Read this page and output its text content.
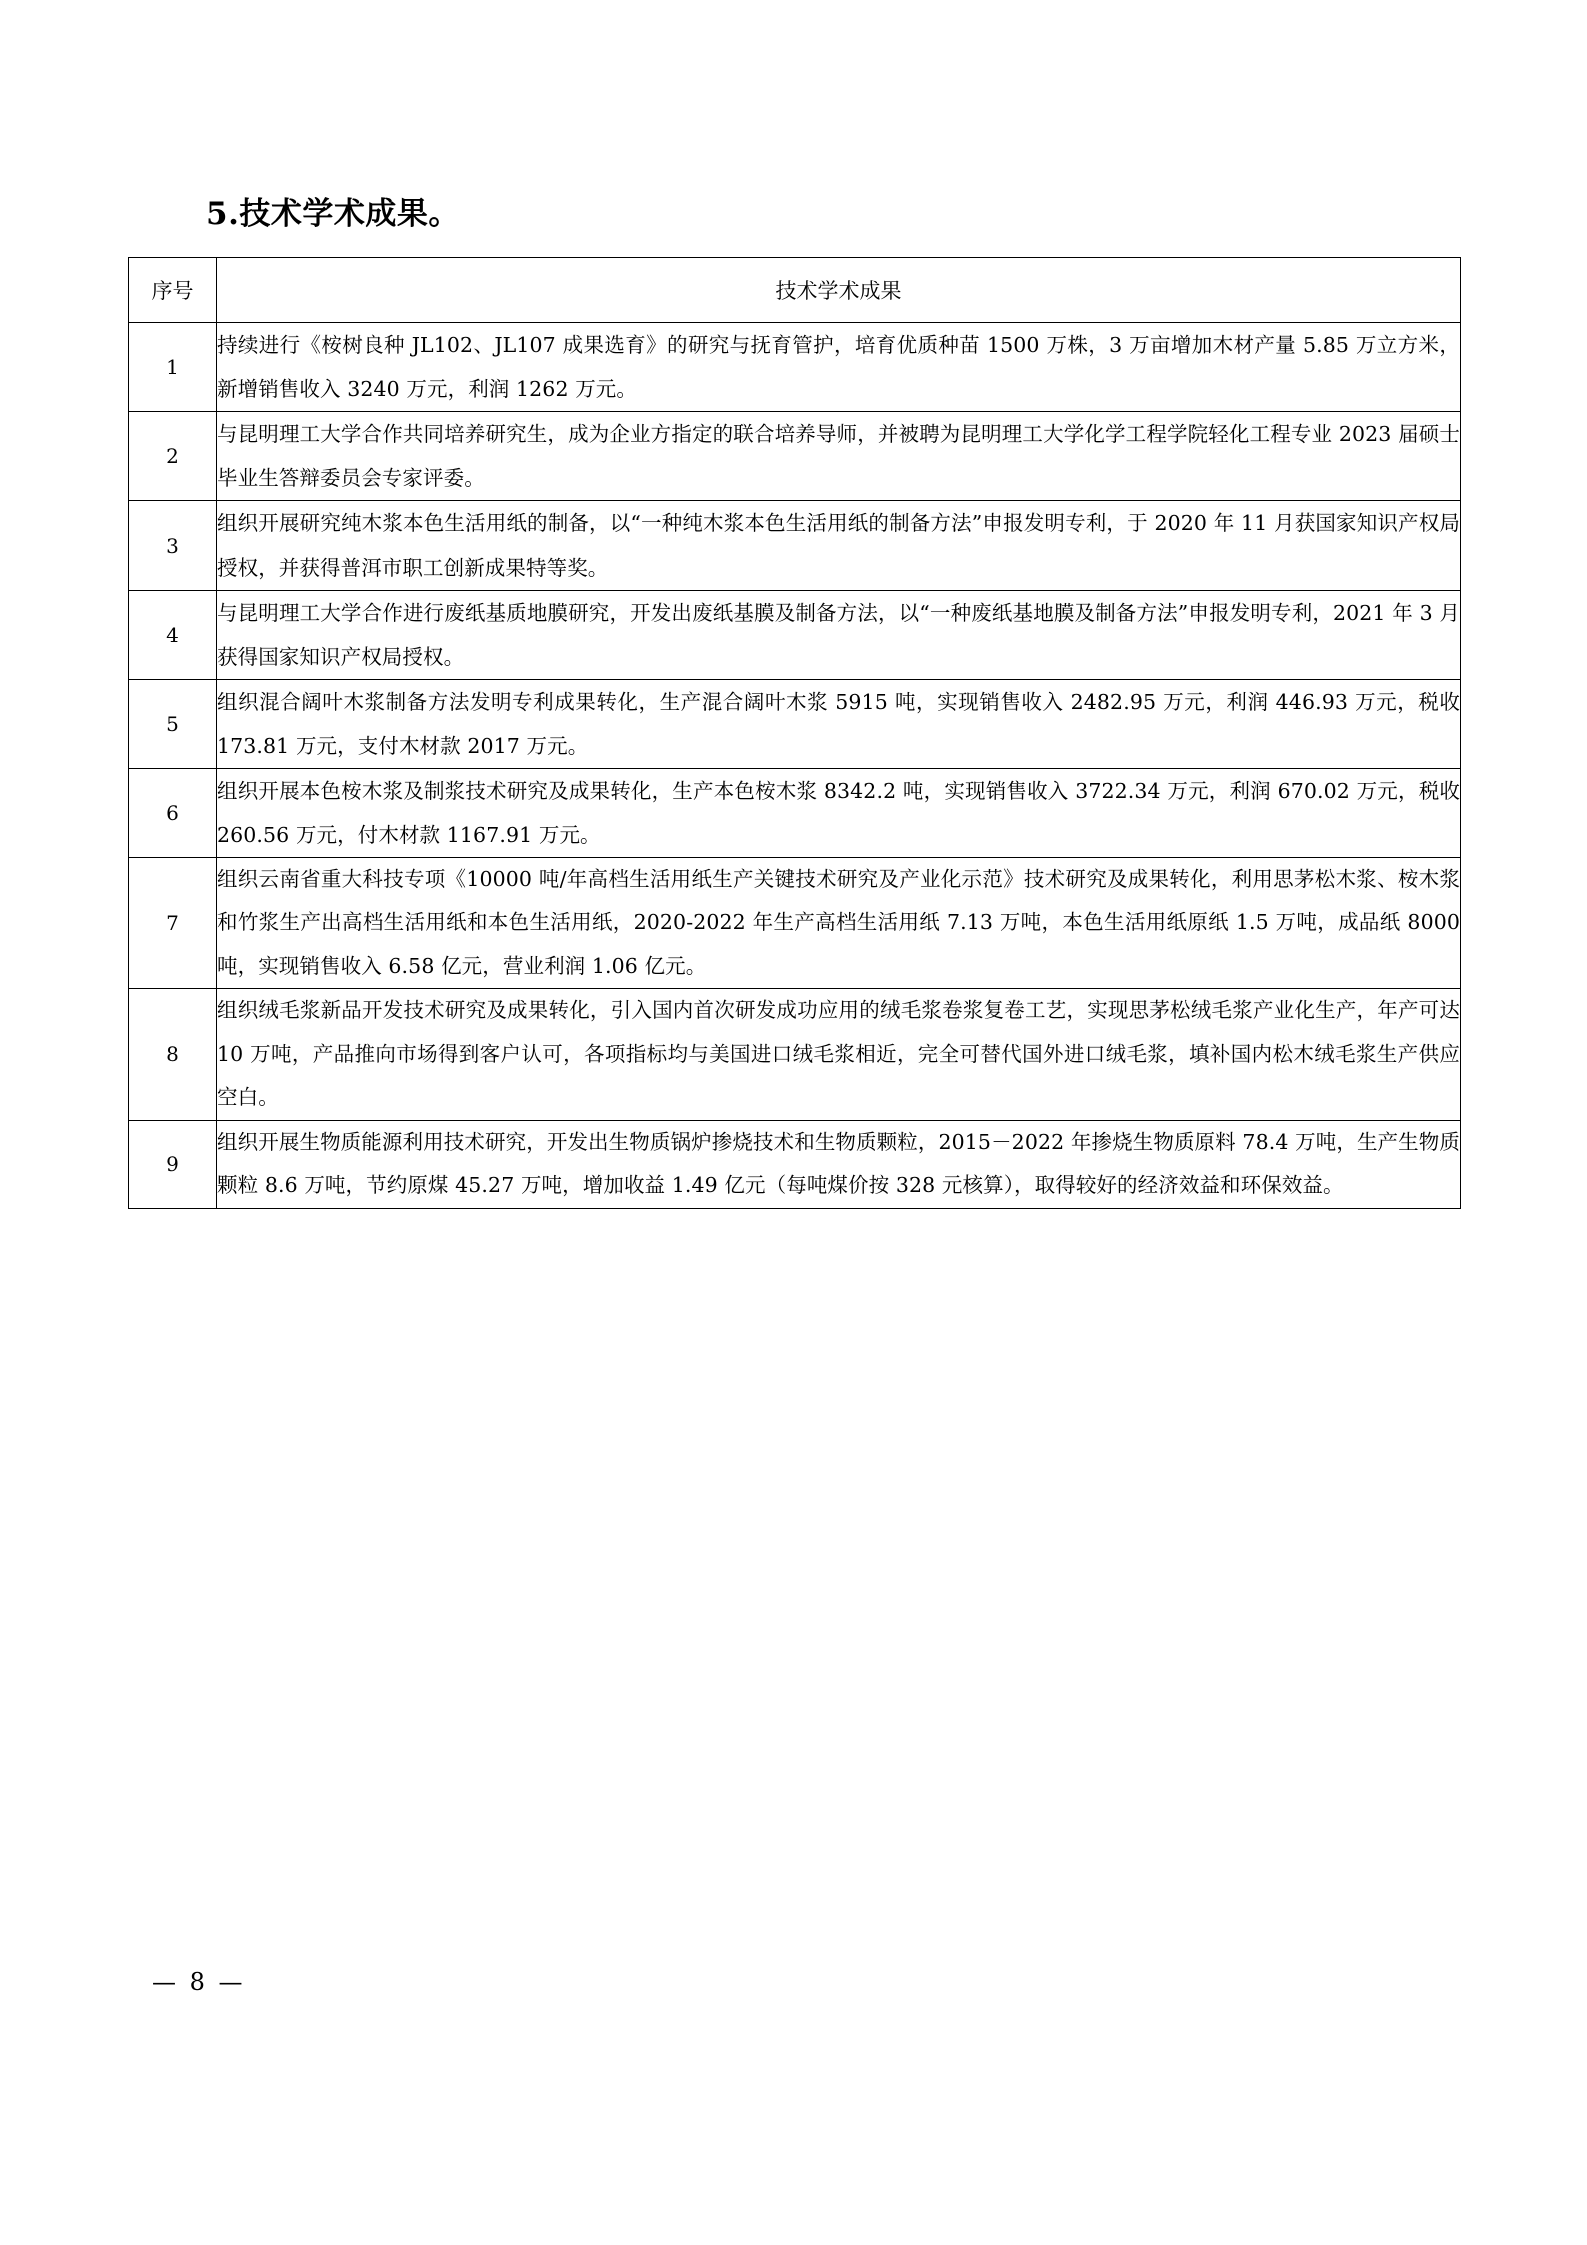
5.技术学术成果。
序号	技术学术成果
1	持续进行《桉树良种 JL102、JL107 成果选育》的研究与抚育管护，培育优质种苗 1500 万株，3 万亩增加木材产量 5.85 万立方米，新增销售收入 3240 万元，利润 1262 万元。
2	与昆明理工大学合作共同培养研究生，成为企业方指定的联合培养导师，并被聘为昆明理工大学化学工程学院轻化工程专业 2023 届硕士毕业生答辩委员会专家评委。
3	组织开展研究纯木浆本色生活用纸的制备，以“一种纯木浆本色生活用纸的制备方法”申报发明专利，于 2020 年 11 月获国家知识产权局授权，并获得普洱市职工创新成果特等奖。
4	与昆明理工大学合作进行废纸基质地膜研究，开发出废纸基膜及制备方法，以“一种废纸基地膜及制备方法”申报发明专利，2021 年 3 月获得国家知识产权局授权。
5	组织混合阔叶木浆制备方法发明专利成果转化，生产混合阔叶木浆 5915 吨，实现销售收入 2482.95 万元，利润 446.93 万元，税收 173.81 万元，支付木材款 2017 万元。
6	组织开展本色桉木浆及制浆技术研究及成果转化，生产本色桉木浆 8342.2 吨，实现销售收入 3722.34 万元，利润 670.02 万元，税收 260.56 万元，付木材款 1167.91 万元。
7	组织云南省重大科技专项《10000 吨/年高档生活用纸生产关键技术研究及产业化示范》技术研究及成果转化，利用思茅松木浆、桉木浆和竹浆生产出高档生活用纸和本色生活用纸，2020-2022 年生产高档生活用纸 7.13 万吨，本色生活用纸原纸 1.5 万吨，成品纸 8000 吨，实现销售收入 6.58 亿元，营业利润 1.06 亿元。
8	组织绒毛浆新品开发技术研究及成果转化，引入国内首次研发成功应用的绒毛浆卷浆复卷工艺，实现思茅松绒毛浆产业化生产，年产可达 10 万吨，产品推向市场得到客户认可，各项指标均与美国进口绒毛浆相近，完全可替代国外进口绒毛浆，填补国内松木绒毛浆生产供应空白。
9	组织开展生物质能源利用技术研究，开发出生物质锅炉掺烧技术和生物质颗粒，2015－2022 年掺烧生物质原料 78.4 万吨，生产生物质颗粒 8.6 万吨，节约原煤 45.27 万吨，增加收益 1.49 亿元（每吨煤价按 328 元核算），取得较好的经济效益和环保效益。
— 8 —
